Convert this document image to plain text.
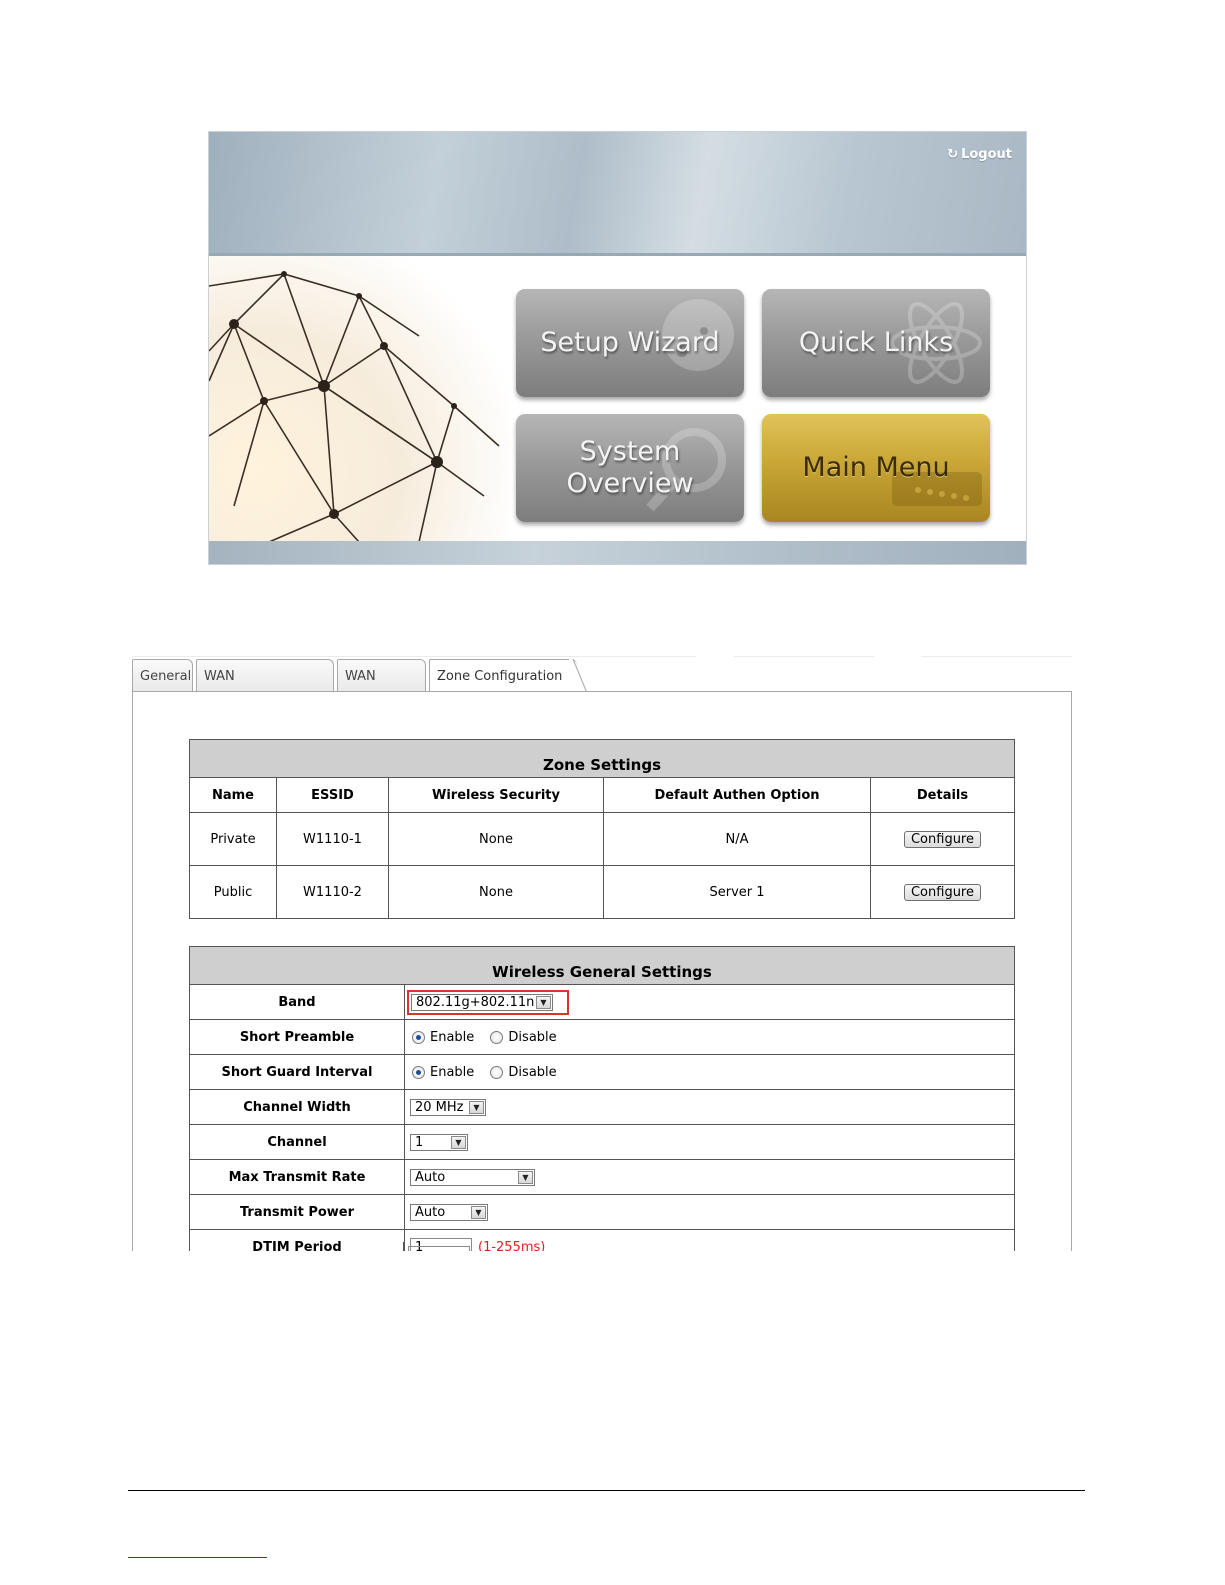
↻ Logout
Setup Wizard	Quick Links
System
Overview
Main Menu
General WAN	WAN	Zone Configuration
Zone Settings				
Name	ESSID	Wireless Security	Default Authen Option	Details
Private	W1110-1	None	N/A	Configure
Public	W1110-2	None	Server 1	Configure
Wireless General Settings	
Band	802.11g+802.11n ▼

Short Preamble	Enable Disable
Short Guard Interval	Enable Disable
Channel Width	20 MHz ▼

Channel	1 ▼

Max Transmit Rate	Auto ▼

Transmit Power	Auto ▼

DTIM Period	1 (1-255ms)
